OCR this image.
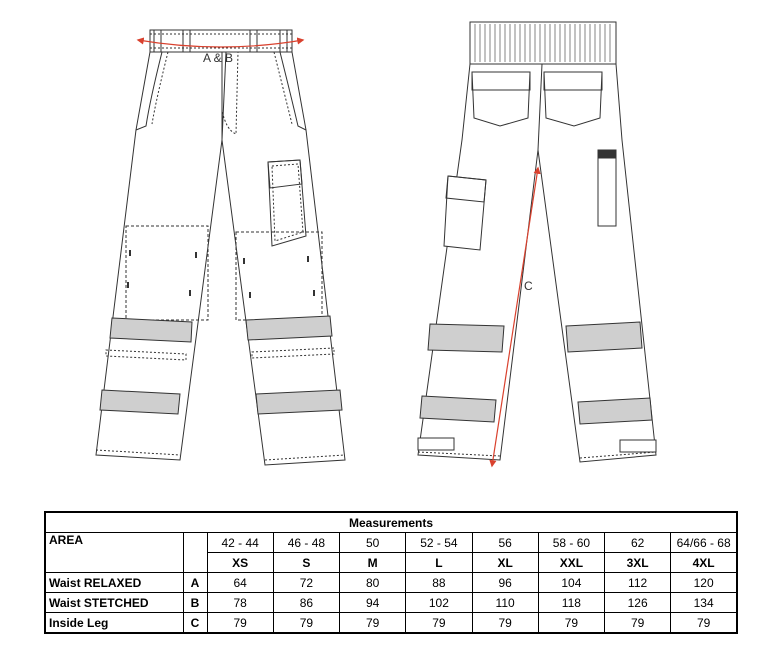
A & B
C
Measurements									
AREA		42 - 44	46 - 48	50	52 - 54	56	58 - 60	62	64/66 - 68
		XS	S	M	L	XL	XXL	3XL	4XL
Waist RELAXED	A	64	72	80	88	96	104	112	120
Waist STETCHED	B	78	86	94	102	110	118	126	134
Inside Leg	C	79	79	79	79	79	79	79	79
